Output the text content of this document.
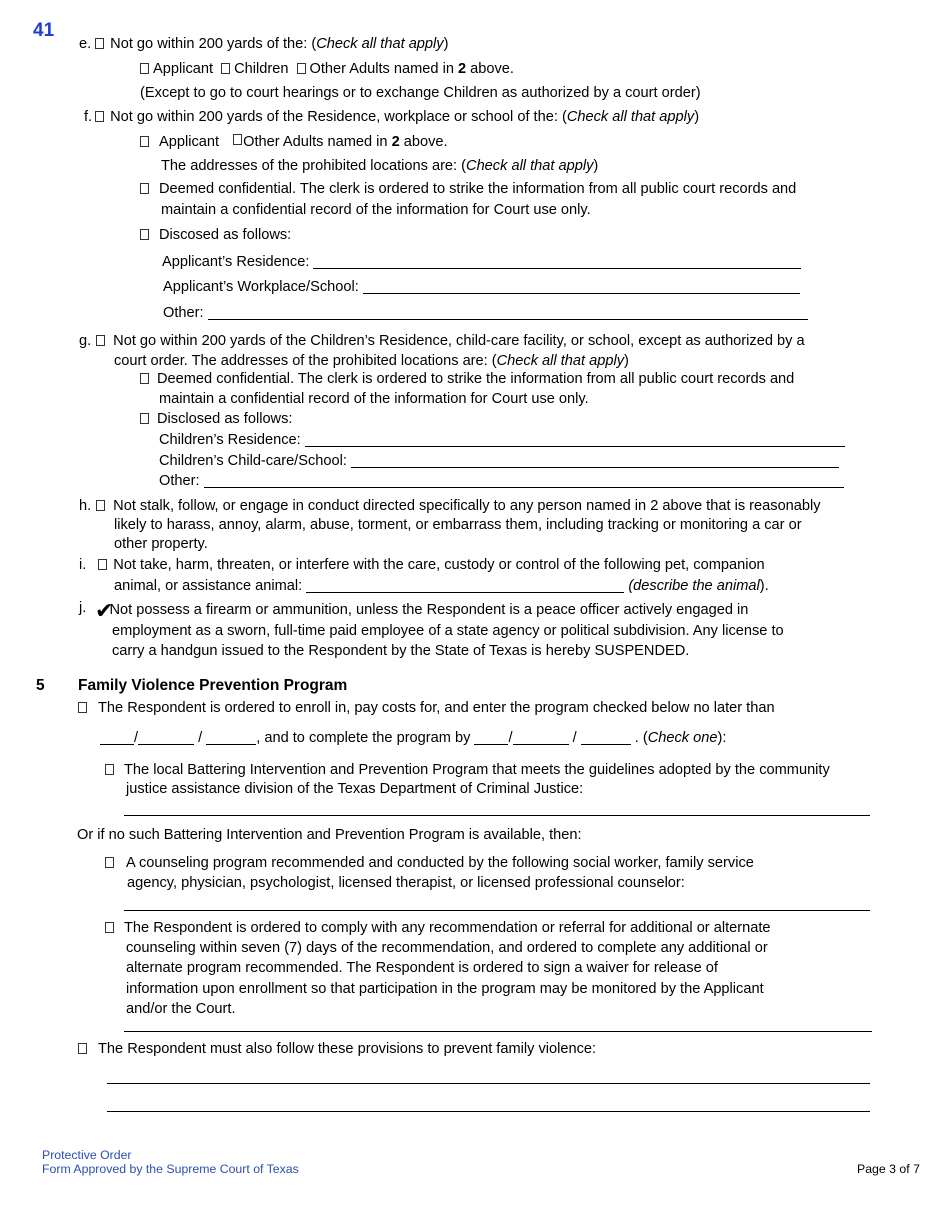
41
e. Not go within 200 yards of the: (Check all that apply)
Applicant Children Other Adults named in 2 above.
(Except to go to court hearings or to exchange Children as authorized by a court order)
f. Not go within 200 yards of the Residence, workplace or school of the: (Check all that apply)
Applicant Other Adults named in 2 above.
The addresses of the prohibited locations are: (Check all that apply)
Deemed confidential. The clerk is ordered to strike the information from all public court records and
maintain a confidential record of the information for Court use only.
Discosed as follows:
Applicant’s Residence:
Applicant’s Workplace/School:
Other:
g. Not go within 200 yards of the Children’s Residence, child-care facility, or school, except as authorized by a
court order. The addresses of the prohibited locations are: (Check all that apply)
Deemed confidential. The clerk is ordered to strike the information from all public court records and
maintain a confidential record of the information for Court use only.
Disclosed as follows:
Children’s Residence:
Children’s Child-care/School:
Other:
h. Not stalk, follow, or engage in conduct directed specifically to any person named in 2 above that is reasonably
likely to harass, annoy, alarm, abuse, torment, or embarrass them, including tracking or monitoring a car or
other property.
i. Not take, harm, threaten, or interfere with the care, custody or control of the following pet, companion
animal, or assistance animal:	(describe the animal).
j. ✔Not possess a firearm or ammunition, unless the Respondent is a peace officer actively engaged in
employment as a sworn, full-time paid employee of a state agency or political subdivision. Any license to
carry a handgun issued to the Respondent by the State of Texas is hereby SUSPENDED.
5 Family Violence Prevention Program
The Respondent is ordered to enroll in, pay costs for, and enter the program checked below no later than
/	/	, and to complete the program by /	/	. (Check one):
The local Battering Intervention and Prevention Program that meets the guidelines adopted by the community
justice assistance division of the Texas Department of Criminal Justice:
Or if no such Battering Intervention and Prevention Program is available, then:
A counseling program recommended and conducted by the following social worker, family service
agency, physician, psychologist, licensed therapist, or licensed professional counselor:
The Respondent is ordered to comply with any recommendation or referral for additional or alternate
counseling within seven (7) days of the recommendation, and ordered to complete any additional or
alternate program recommended. The Respondent is ordered to sign a waiver for release of
information upon enrollment so that participation in the program may be monitored by the Applicant
and/or the Court.
The Respondent must also follow these provisions to prevent family violence:
Protective Order
Form Approved by the Supreme Court of Texas	Page 3 of 7
